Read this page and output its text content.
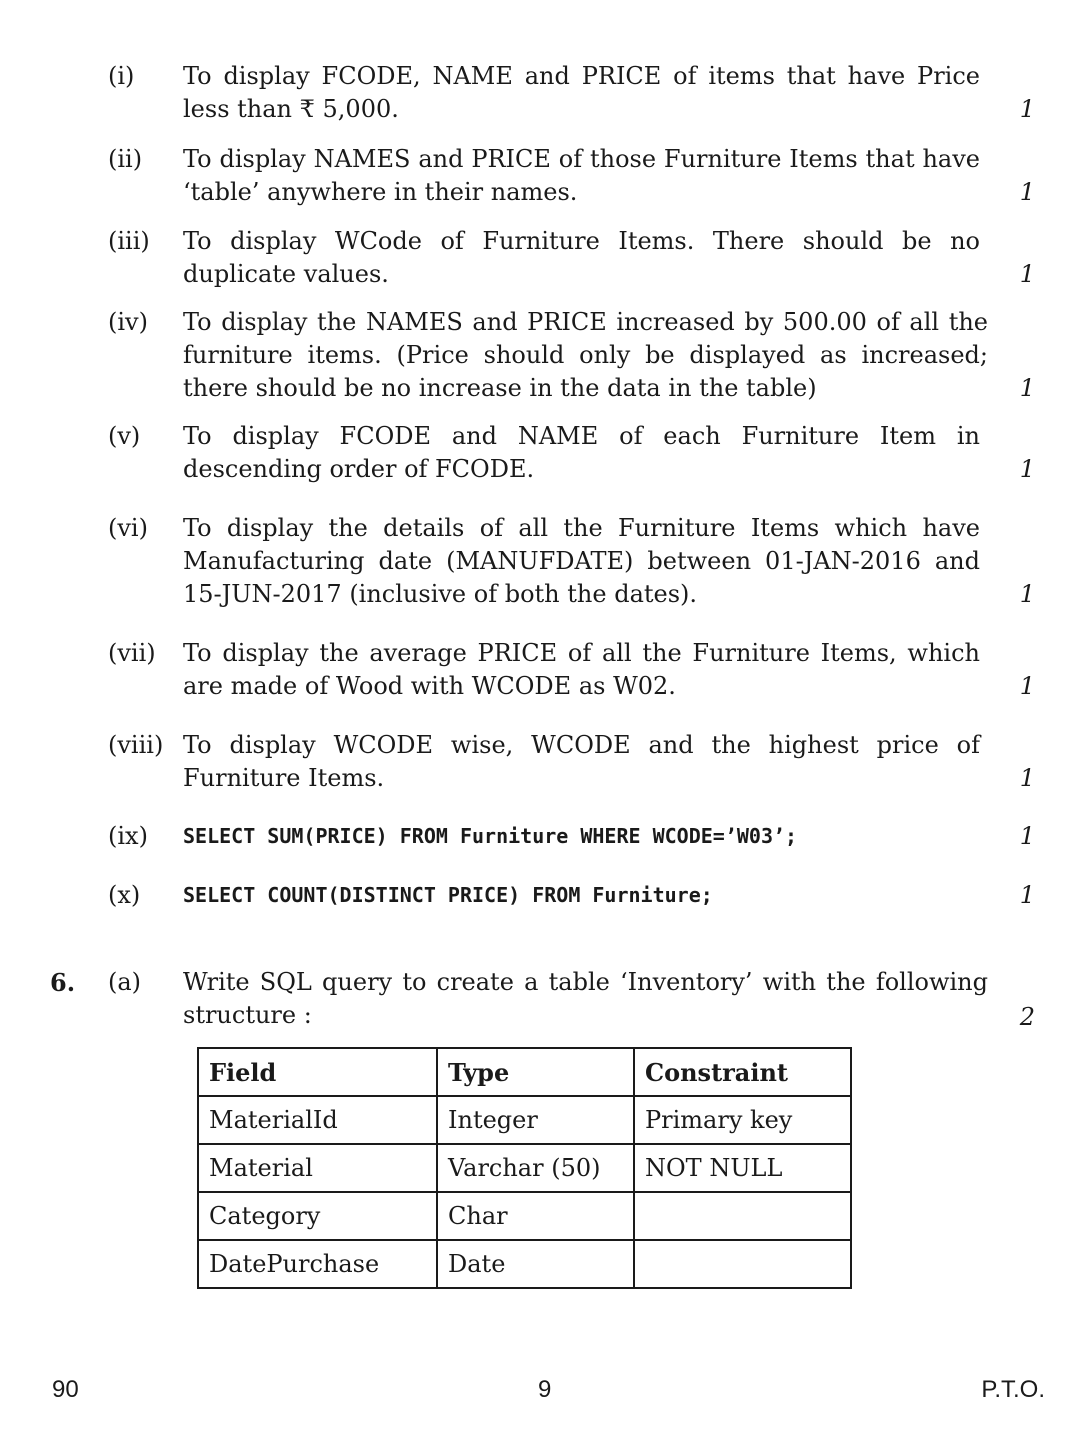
(i)	To display FCODE, NAME and PRICE of items that have Price less than ₹ 5,000.	1
(ii)	To display NAMES and PRICE of those Furniture Items that have ‘table’ anywhere in their names.	1
(iii)	To display WCode of Furniture Items. There should be no duplicate values.	1
(iv)	To display the NAMES and PRICE increased by 500.00 of all the furniture items. (Price should only be displayed as increased; there should be no increase in the data in the table)	1
(v)	To display FCODE and NAME of each Furniture Item in descending order of FCODE.	1
(vi)	To display the details of all the Furniture Items which have Manufacturing date (MANUFDATE) between 01-JAN-2016 and 15-JUN-2017 (inclusive of both the dates).	1
(vii)	To display the average PRICE of all the Furniture Items, which are made of Wood with WCODE as W02.	1
(viii) To display WCODE wise, WCODE and the highest price of Furniture Items.	1
(ix)	SELECT SUM(PRICE) FROM Furniture WHERE WCODE=’W03’;	1
(x)	SELECT COUNT(DISTINCT PRICE) FROM Furniture;	1
6. (a)	Write SQL query to create a table ‘Inventory’ with the following structure :	2
Field	Type	Constraint
MaterialId	Integer	Primary key
Material	Varchar (50)	NOT NULL
Category	Char	
DatePurchase	Date	
90	9	P.T.O.
